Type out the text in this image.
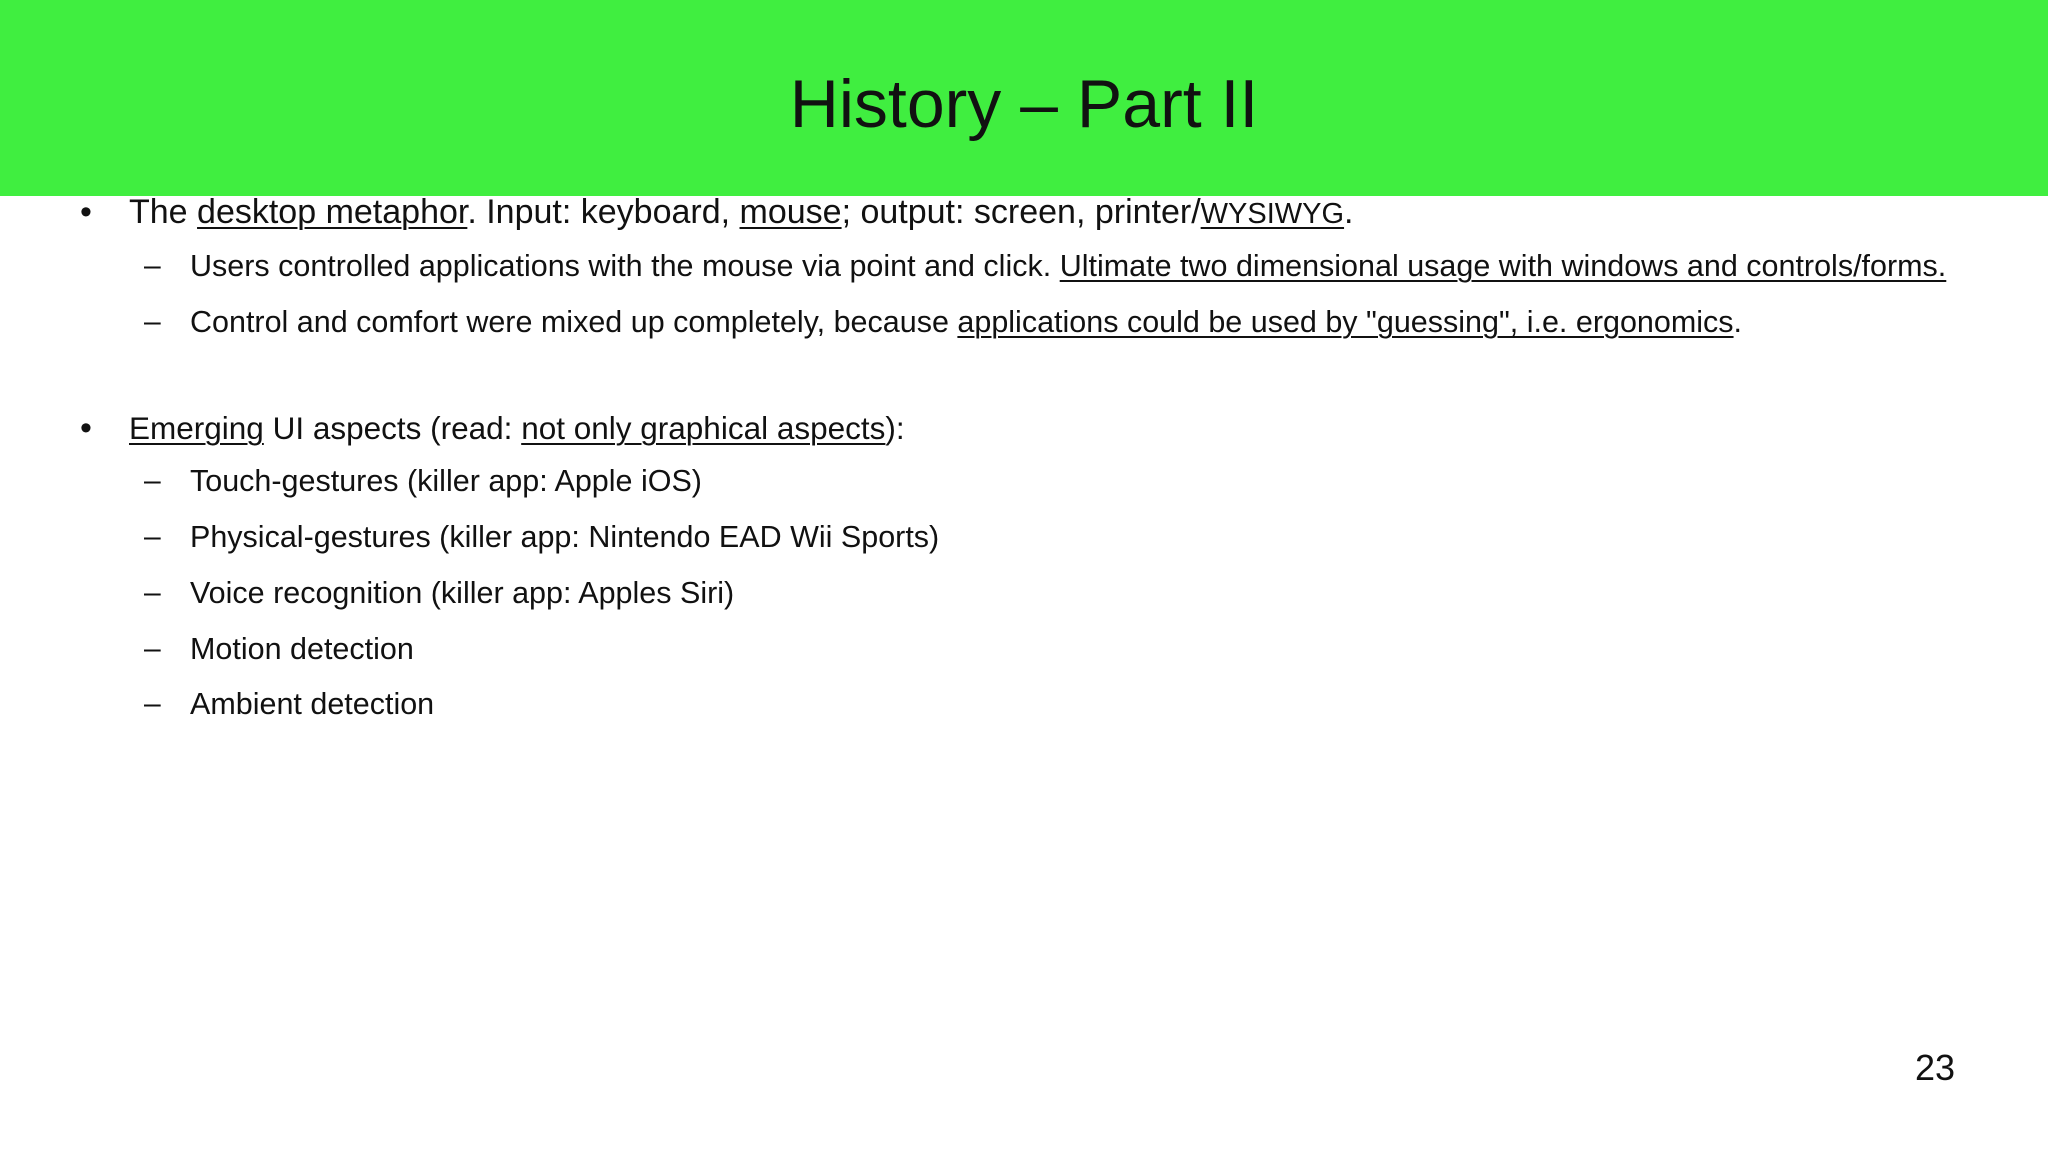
History – Part II
• The desktop metaphor. Input: keyboard, mouse; output: screen, printer/WYSIWYG.
– Users controlled applications with the mouse via point and click. Ultimate two dimensional usage with windows and controls/forms.
– Control and comfort were mixed up completely, because applications could be used by "guessing", i.e. ergonomics.
• Emerging UI aspects (read: not only graphical aspects):
– Touch-gestures (killer app: Apple iOS)
– Physical-gestures (killer app: Nintendo EAD Wii Sports)
– Voice recognition (killer app: Apples Siri)
– Motion detection
– Ambient detection
23
